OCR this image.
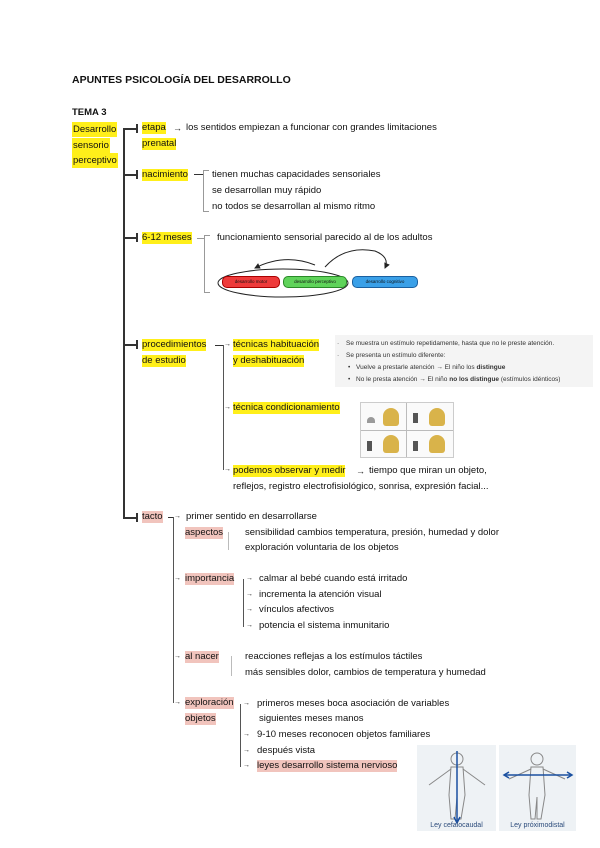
APUNTES PSICOLOGÍA DEL DESARROLLO
TEMA 3
Desarrollo
sensorio
perceptivo
etapa
prenatal
→ los sentidos empiezan a funcionar con grandes limitaciones
nacimiento	tienen muchas capacidades sensoriales
se desarrollan muy rápido
no todos se desarrollan al mismo ritmo
6-12 meses	funcionamiento sensorial parecido al de los adultos
desarrollo motor	desarrollo perceptivo	desarrollo cognitivo
procedimientos
de estudio
→
→
→
técnicas habituación
y deshabituación
· Se muestra un estímulo repetidamente, hasta que no le preste atención.
· Se presenta un estímulo diferente:
• Vuelve a prestarle atención → El niño los distingue
• No le presta atención → El niño no los distingue (estímulos idénticos)
técnica condicionamiento
podemos observar y medir → tiempo que miran un objeto,
reflejos, registro electrofisiológico, sonrisa, expresión facial...
tacto → primer sentido en desarrollarse
aspectos sensibilidad cambios temperatura, presión, humedad y dolor
exploración voluntaria de los objetos
→ importancia →
→
→
→
calmar al bebé cuando está irritado
incrementa la atención visual
vínculos afectivos
potencia el sistema inmunitario
→ al nacer	reacciones reflejas a los estímulos táctiles
más sensibles dolor, cambios de temperatura y humedad
→ exploración
objetos
→
→
→
→
primeros meses boca asociación de variables
siguientes meses manos
9-10 meses reconocen objetos familiares
después vista
leyes desarrollo sistema nervioso
Ley cefalocaudal	Ley próximodistal
